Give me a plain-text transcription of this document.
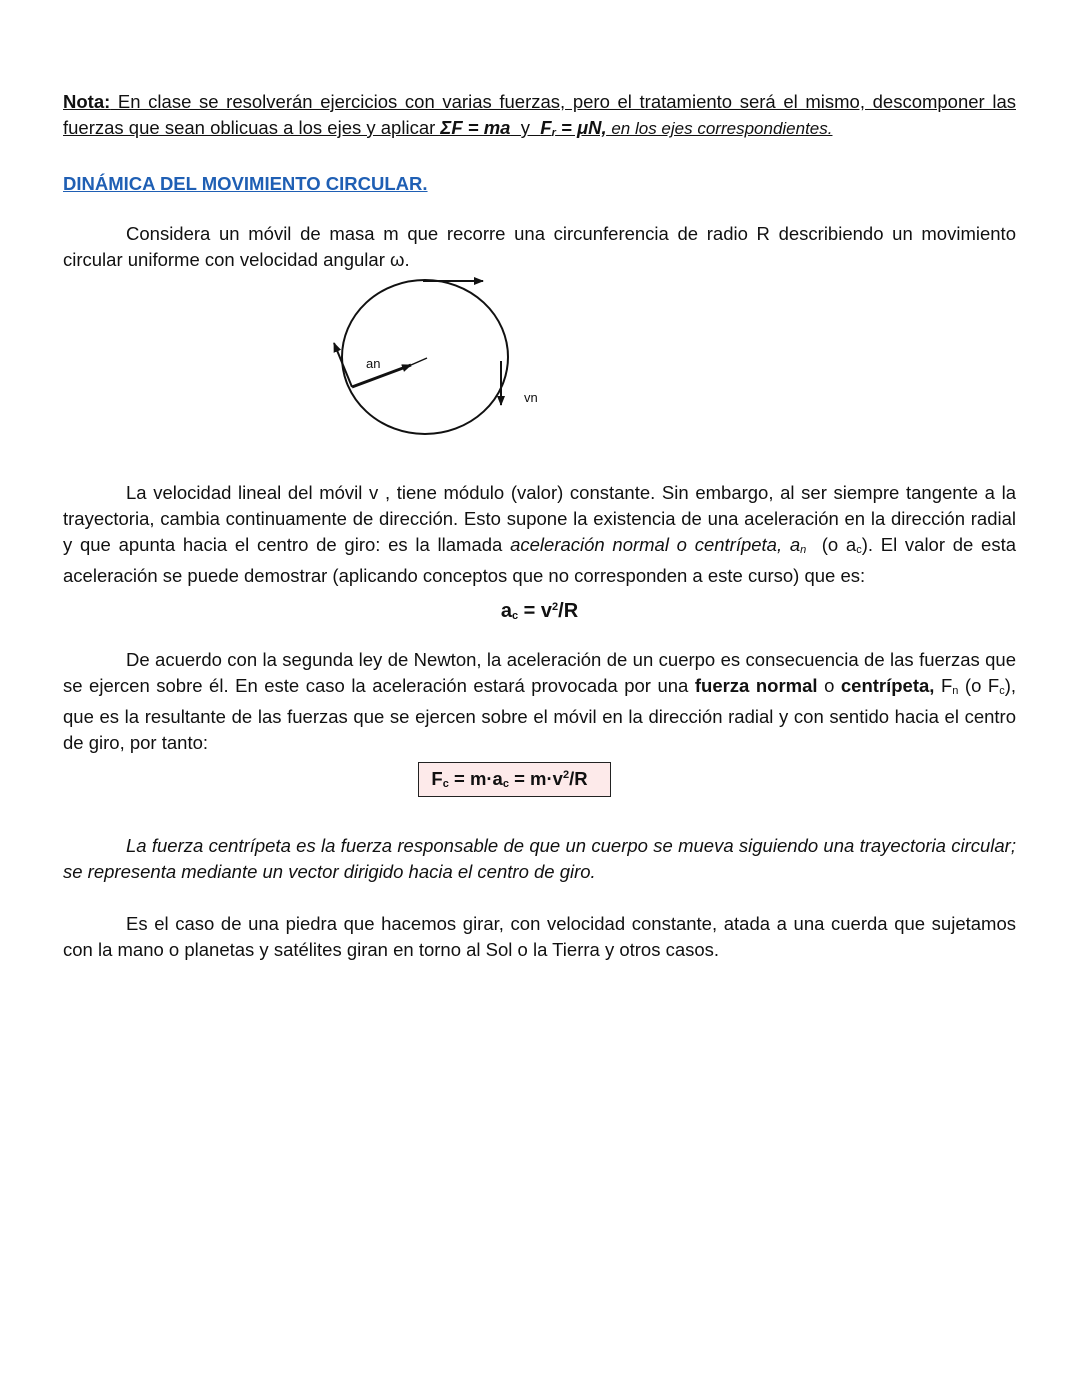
Nota: En clase se resolverán ejercicios con varias fuerzas, pero el tratamiento será el mismo, descomponer las fuerzas que sean oblicuas a los ejes y aplicar ΣF = ma  y  $F_r = \mu N$, en los ejes correspondientes.

DINÁMICA DEL MOVIMIENTO CIRCULAR.

Considera un móvil de masa m que recorre una circunferencia de radio R describiendo un movimiento circular uniforme con velocidad angular ω.

an
vn

La velocidad lineal del móvil v , tiene módulo (valor) constante. Sin embargo, al ser siempre tangente a la trayectoria, cambia continuamente de dirección. Esto supone la existencia de una aceleración en la dirección radial y que apunta hacia el centro de giro: es la llamada aceleración normal o centrípeta, $a_n$  (o $a_c$). El valor de esta aceleración se puede demostrar (aplicando conceptos que no corresponden a este curso) que es:

$a_c = v^2/R$

De acuerdo con la segunda ley de Newton, la aceleración de un cuerpo es consecuencia de las fuerzas que se ejercen sobre él. En este caso la aceleración estará provocada por una fuerza normal o centrípeta, $F_n$ (o $F_c$), que es la resultante de las fuerzas que se ejercen sobre el móvil en la dirección radial y con sentido hacia el centro de giro, por tanto:

$F_c = m\cdot a_c = m\cdot v^2/R$

La fuerza centrípeta es la fuerza responsable de que un cuerpo se mueva siguiendo una trayectoria circular; se representa mediante un vector dirigido hacia el centro de giro.

Es el caso de una piedra que hacemos girar, con velocidad constante, atada a una cuerda que sujetamos con la mano o planetas y satélites giran en torno al Sol o la Tierra y otros casos.
